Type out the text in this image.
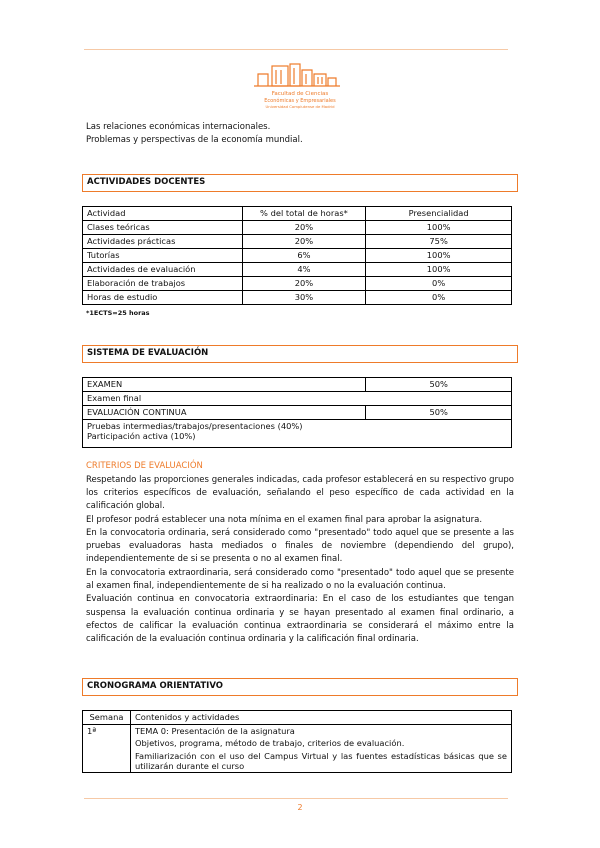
Facultad de Ciencias
Económicas y Empresariales
Universidad Complutense de Madrid

Las relaciones económicas internacionales.

Problemas y perspectivas de la economía mundial.

ACTIVIDADES DOCENTES
Actividad	% del total de horas*	Presencialidad
Clases teóricas	20%	100%
Actividades prácticas	20%	75%
Tutorías	6%	100%
Actividades de evaluación	4%	100%
Elaboración de trabajos	20%	0%
Horas de estudio	30%	0%
*1ECTS=25 horas
SISTEMA DE EVALUACIÓN
EXAMEN	50%
Examen final	
EVALUACIÓN CONTINUA	50%

Pruebas intermedias/trabajos/presentaciones (40%)
Participación activa (10%)	
CRITERIOS DE EVALUACIÓN

Respetando las proporciones generales indicadas, cada profesor establecerá en su respectivo grupo los criterios específicos de evaluación, señalando el peso específico de cada actividad en la calificación global.

El profesor podrá establecer una nota mínima en el examen final para aprobar la asignatura.

En la convocatoria ordinaria, será considerado como "presentado" todo aquel que se presente a las pruebas evaluadoras hasta mediados o finales de noviembre (dependiendo del grupo), independientemente de si se presenta o no al examen final.

En la convocatoria extraordinaria, será considerado como "presentado" todo aquel que se presente al examen final, independientemente de si ha realizado o no la evaluación continua.

Evaluación continua en convocatoria extraordinaria: En el caso de los estudiantes que tengan suspensa la evaluación continua ordinaria y se hayan presentado al examen final ordinario, a efectos de calificar la evaluación continua extraordinaria se considerará el máximo entre la calificación de la evaluación continua ordinaria y la calificación final ordinaria.

CRONOGRAMA ORIENTATIVO
Semana	Contenidos y actividades
1ª	TEMA 0: Presentación de la asignatura
Objetivos, programa, método de trabajo, criterios de evaluación.
Familiarización con el uso del Campus Virtual y las fuentes estadísticas básicas que se utilizarán durante el curso
2
